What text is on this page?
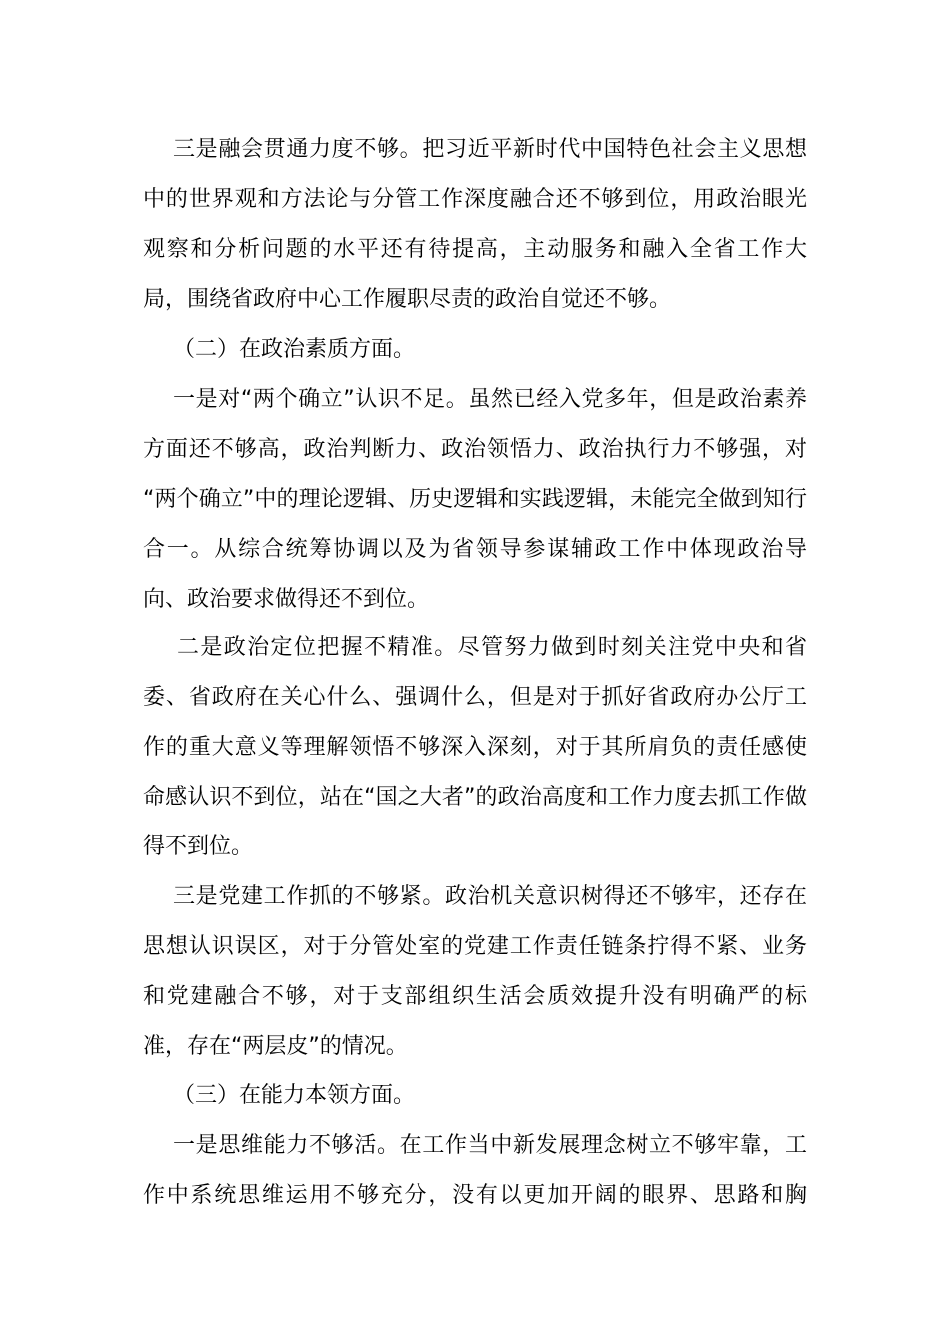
三是融会贯通力度不够。把习近平新时代中国特色社会主义思想
中的世界观和方法论与分管工作深度融合还不够到位，用政治眼光
观察和分析问题的水平还有待提高，主动服务和融入全省工作大
局，围绕省政府中心工作履职尽责的政治自觉还不够。
（二）在政治素质方面。
一是对“两个确立”认识不足。虽然已经入党多年，但是政治素养
方面还不够高，政治判断力、政治领悟力、政治执行力不够强，对
“两个确立”中的理论逻辑、历史逻辑和实践逻辑，未能完全做到知行
合一。从综合统筹协调以及为省领导参谋辅政工作中体现政治导
向、政治要求做得还不到位。
二是政治定位把握不精准。尽管努力做到时刻关注党中央和省
委、省政府在关心什么、强调什么，但是对于抓好省政府办公厅工
作的重大意义等理解领悟不够深入深刻，对于其所肩负的责任感使
命感认识不到位，站在“国之大者”的政治高度和工作力度去抓工作做
得不到位。
三是党建工作抓的不够紧。政治机关意识树得还不够牢，还存在
思想认识误区，对于分管处室的党建工作责任链条拧得不紧、业务
和党建融合不够，对于支部组织生活会质效提升没有明确严的标
准，存在“两层皮”的情况。
（三）在能力本领方面。
一是思维能力不够活。在工作当中新发展理念树立不够牢靠，工
作中系统思维运用不够充分，没有以更加开阔的眼界、思路和胸
